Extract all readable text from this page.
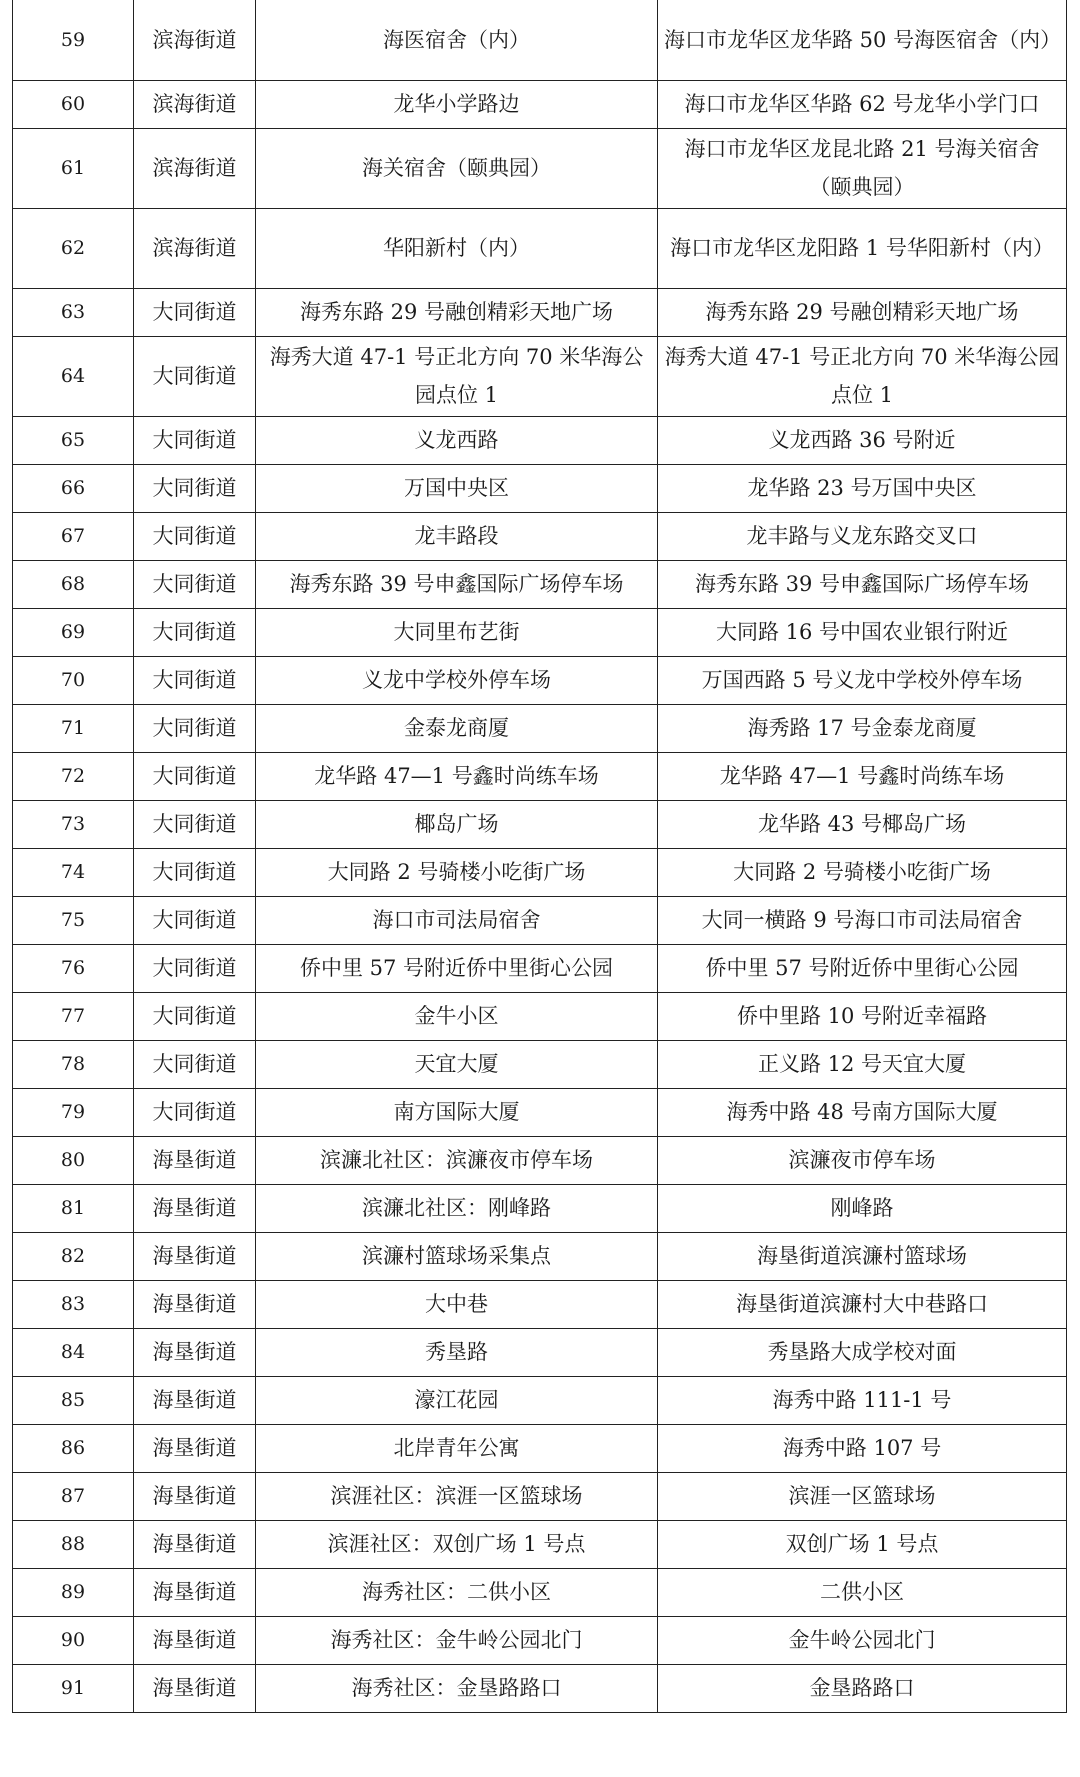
59	滨海街道	海医宿舍（内）	海口市龙华区龙华路 50 号海医宿舍（内）
60	滨海街道	龙华小学路边	海口市龙华区华路 62 号龙华小学门口
61	滨海街道	海关宿舍（颐典园）	海口市龙华区龙昆北路 21 号海关宿舍（颐典园）
62	滨海街道	华阳新村（内）	海口市龙华区龙阳路 1 号华阳新村（内）
63	大同街道	海秀东路 29 号融创精彩天地广场	海秀东路 29 号融创精彩天地广场
64	大同街道	海秀大道 47-1 号正北方向 70 米华海公园点位 1	海秀大道 47-1 号正北方向 70 米华海公园点位 1
65	大同街道	义龙西路	义龙西路 36 号附近
66	大同街道	万国中央区	龙华路 23 号万国中央区
67	大同街道	龙丰路段	龙丰路与义龙东路交叉口
68	大同街道	海秀东路 39 号申鑫国际广场停车场	海秀东路 39 号申鑫国际广场停车场
69	大同街道	大同里布艺街	大同路 16 号中国农业银行附近
70	大同街道	义龙中学校外停车场	万国西路 5 号义龙中学校外停车场
71	大同街道	金泰龙商厦	海秀路 17 号金泰龙商厦
72	大同街道	龙华路 47—1 号鑫时尚练车场	龙华路 47—1 号鑫时尚练车场
73	大同街道	椰岛广场	龙华路 43 号椰岛广场
74	大同街道	大同路 2 号骑楼小吃街广场	大同路 2 号骑楼小吃街广场
75	大同街道	海口市司法局宿舍	大同一横路 9 号海口市司法局宿舍
76	大同街道	侨中里 57 号附近侨中里街心公园	侨中里 57 号附近侨中里街心公园
77	大同街道	金牛小区	侨中里路 10 号附近幸福路
78	大同街道	天宜大厦	正义路 12 号天宜大厦
79	大同街道	南方国际大厦	海秀中路 48 号南方国际大厦
80	海垦街道	滨濂北社区：滨濂夜市停车场	滨濂夜市停车场
81	海垦街道	滨濂北社区：刚峰路	刚峰路
82	海垦街道	滨濂村篮球场采集点	海垦街道滨濂村篮球场
83	海垦街道	大中巷	海垦街道滨濂村大中巷路口
84	海垦街道	秀垦路	秀垦路大成学校对面
85	海垦街道	濠江花园	海秀中路 111-1 号
86	海垦街道	北岸青年公寓	海秀中路 107 号
87	海垦街道	滨涯社区：滨涯一区篮球场	滨涯一区篮球场
88	海垦街道	滨涯社区：双创广场 1 号点	双创广场 1 号点
89	海垦街道	海秀社区：二供小区	二供小区
90	海垦街道	海秀社区：金牛岭公园北门	金牛岭公园北门
91	海垦街道	海秀社区：金垦路路口	金垦路路口
